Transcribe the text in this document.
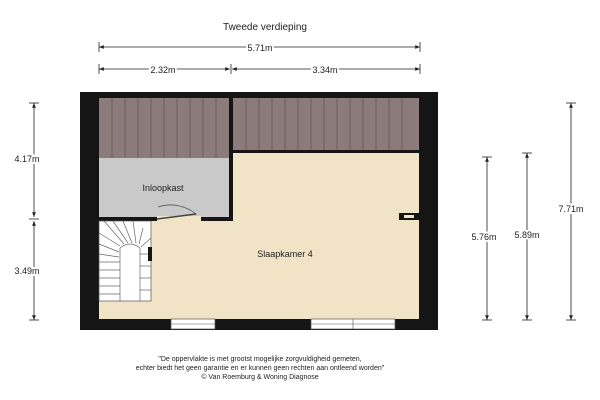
Tweede verdieping
5.71m
2.32m	3.34m
4.17m
3.49m
5.76m 5.89m
7.71m
Inloopkast
Slaapkamer 4
"De oppervlakte is met grootst mogelijke zorgvuldigheid gemeten,
echter biedt het geen garantie en er kunnen geen rechten aan ontleend worden"
© Van Roemburg & Woning Diagnose
